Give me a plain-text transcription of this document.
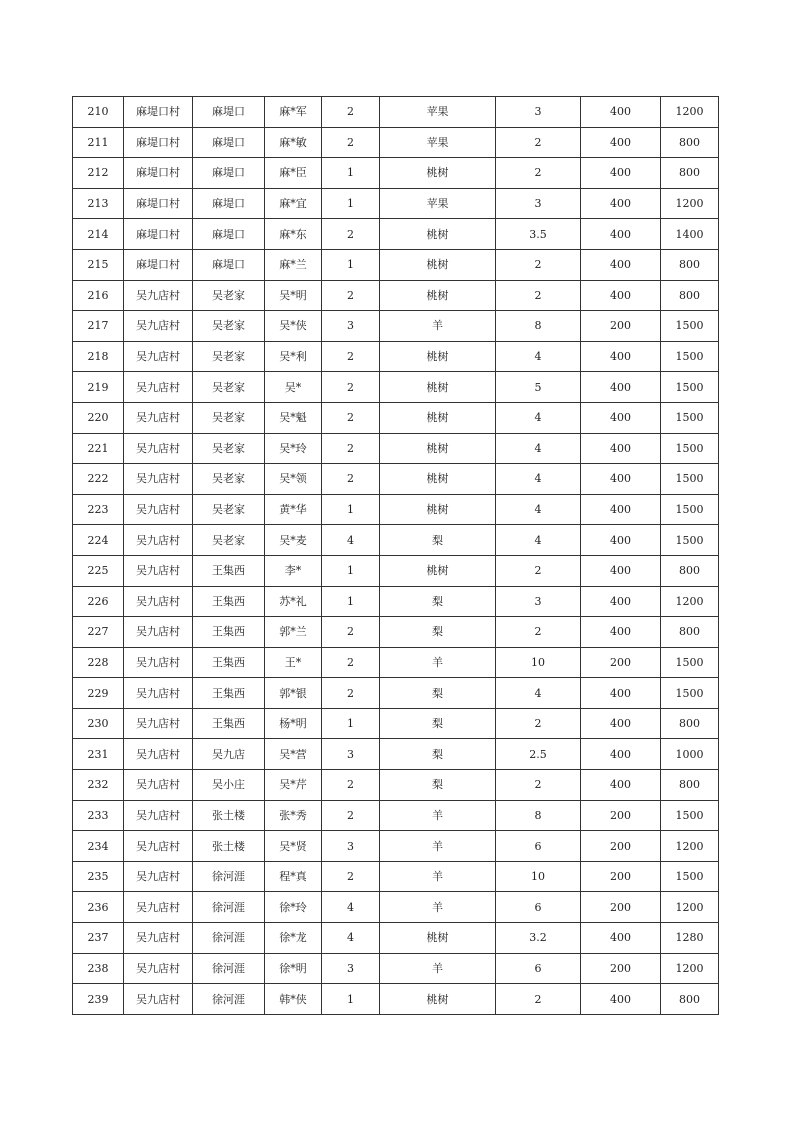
210	麻堤口村	麻堤口	麻*军	2	苹果	3	400	1200
211	麻堤口村	麻堤口	麻*敏	2	苹果	2	400	800
212	麻堤口村	麻堤口	麻*臣	1	桃树	2	400	800
213	麻堤口村	麻堤口	麻*宜	1	苹果	3	400	1200
214	麻堤口村	麻堤口	麻*东	2	桃树	3.5	400	1400
215	麻堤口村	麻堤口	麻*兰	1	桃树	2	400	800
216	吴九店村	吴老家	吴*明	2	桃树	2	400	800
217	吴九店村	吴老家	吴*侠	3	羊	8	200	1500
218	吴九店村	吴老家	吴*利	2	桃树	4	400	1500
219	吴九店村	吴老家	吴*	2	桃树	5	400	1500
220	吴九店村	吴老家	吴*魁	2	桃树	4	400	1500
221	吴九店村	吴老家	吴*玲	2	桃树	4	400	1500
222	吴九店村	吴老家	吴*领	2	桃树	4	400	1500
223	吴九店村	吴老家	黄*华	1	桃树	4	400	1500
224	吴九店村	吴老家	吴*麦	4	梨	4	400	1500
225	吴九店村	王集西	李*	1	桃树	2	400	800
226	吴九店村	王集西	苏*礼	1	梨	3	400	1200
227	吴九店村	王集西	郭*兰	2	梨	2	400	800
228	吴九店村	王集西	王*	2	羊	10	200	1500
229	吴九店村	王集西	郭*银	2	梨	4	400	1500
230	吴九店村	王集西	杨*明	1	梨	2	400	800
231	吴九店村	吴九店	吴*营	3	梨	2.5	400	1000
232	吴九店村	吴小庄	吴*芹	2	梨	2	400	800
233	吴九店村	张土楼	张*秀	2	羊	8	200	1500
234	吴九店村	张土楼	吴*贤	3	羊	6	200	1200
235	吴九店村	徐河涯	程*真	2	羊	10	200	1500
236	吴九店村	徐河涯	徐*玲	4	羊	6	200	1200
237	吴九店村	徐河涯	徐*龙	4	桃树	3.2	400	1280
238	吴九店村	徐河涯	徐*明	3	羊	6	200	1200
239	吴九店村	徐河涯	韩*侠	1	桃树	2	400	800
